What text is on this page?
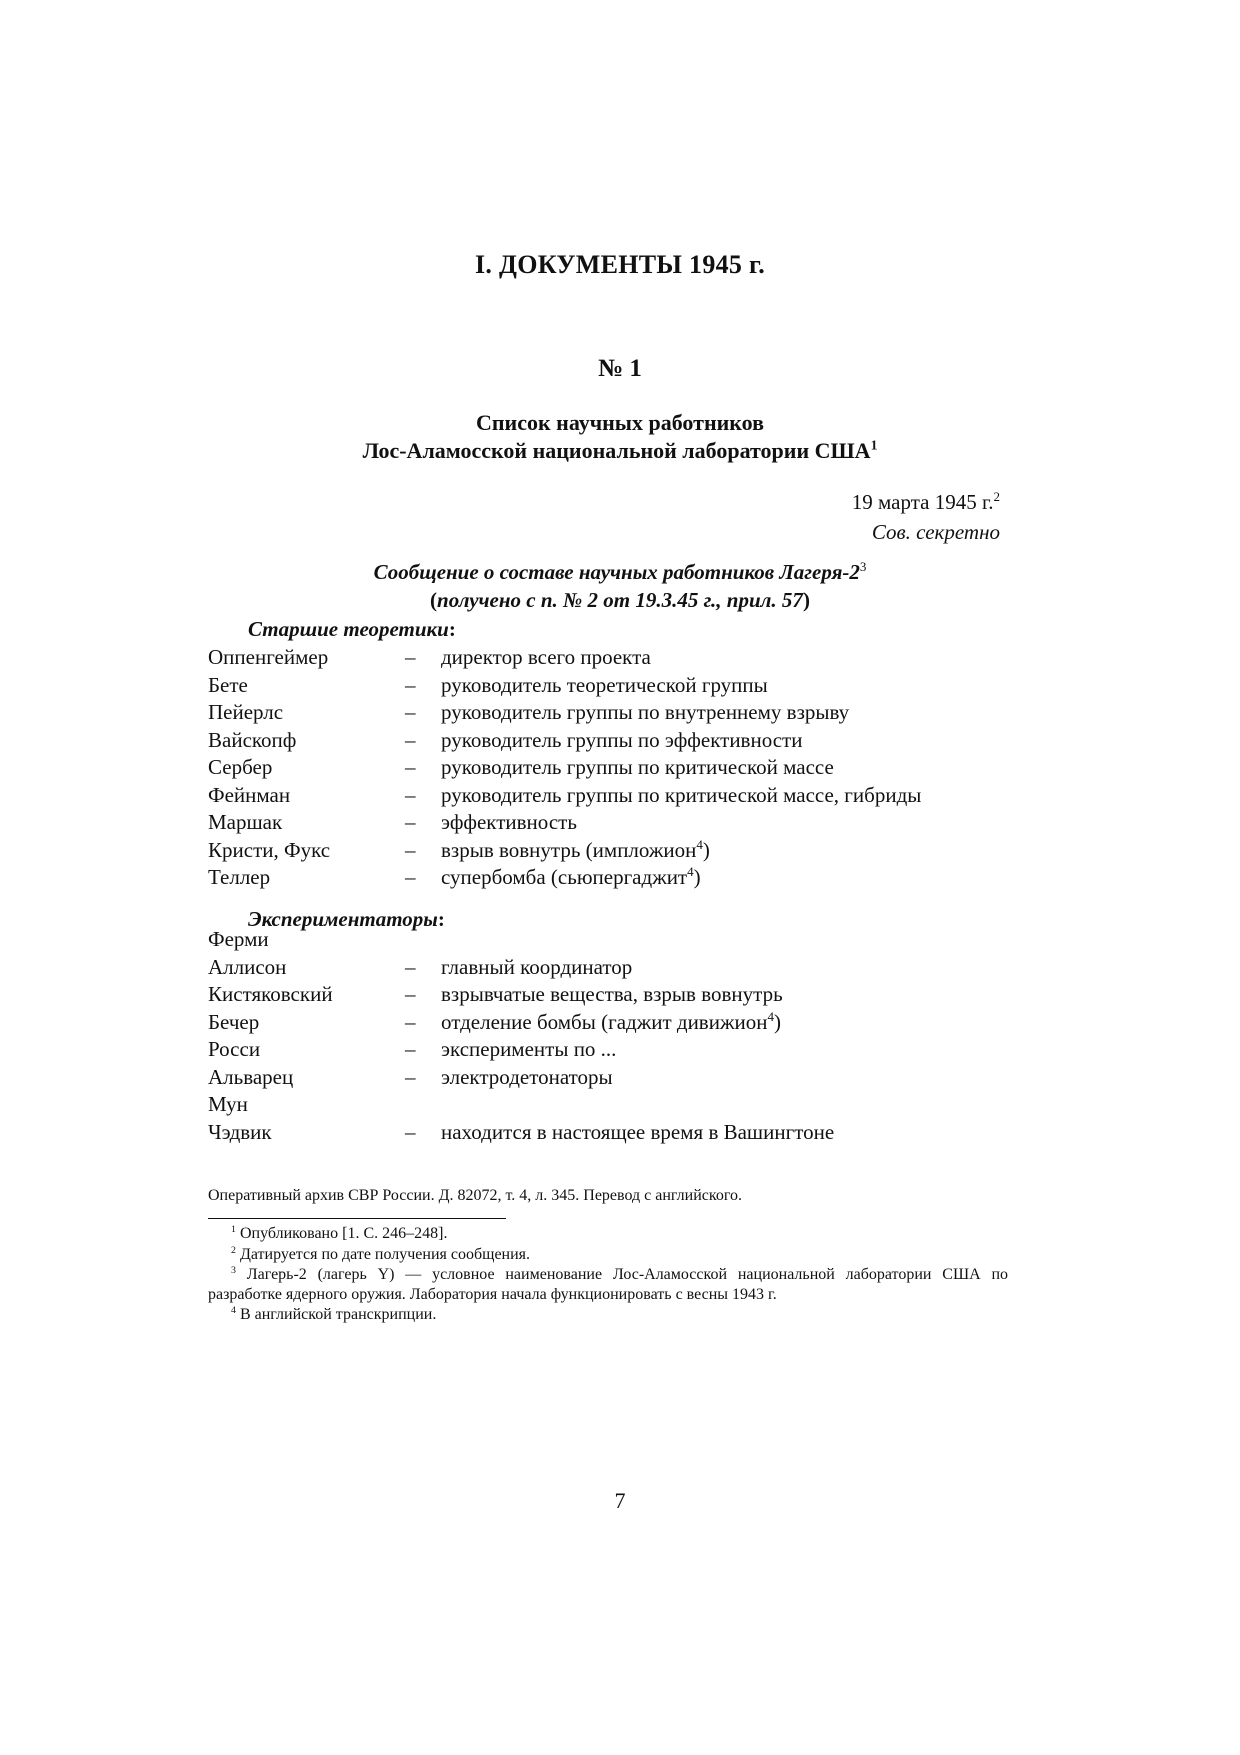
I. ДОКУМЕНТЫ 1945 г.
№ 1
Список научных работников
Лос-Аламосской национальной лаборатории США$^1$
19 марта 1945 г.$^2$
Сов. секретно
Сообщение о составе научных работников Лагеря-$2^3$
(получено с п. № 2 от 19.3.45 г., прил. 57)
Старшие теоретики:
Оппенгеймер	– директор всего проекта
Бете	– руководитель теоретической группы
Пейерлс	– руководитель группы по внутреннему взрыву
Вайскопф	– руководитель группы по эффективности
Сербер	– руководитель группы по критической массе
Фейнман	– руководитель группы по критической массе, гибриды
Маршак	– эффективность
Кристи, Фукс	– взрыв вовнутрь (импложион$^4$)
Теллер	– супербомба (сьюпергаджит$^4$)
Экспериментаторы:
Ферми
Аллисон	– главный координатор
Кистяковский	– взрывчатые вещества, взрыв вовнутрь
Бечер	– отделение бомбы (гаджит дивижион$^4$)
Росси	– эксперименты по ...
Альварец	– электродетонаторы
Мун
Чэдвик	– находится в настоящее время в Вашингтоне
Оперативный архив СВР России. Д. 82072, т. 4, л. 345. Перевод с английского.
$^1$ Опубликовано [1. С. 246–248].
$^2$ Датируется по дате получения сообщения.
$^3$ Лагерь-2 (лагерь Y) — условное наименование Лос-Аламосской национальной лаборатории США по разработке ядерного оружия. Лаборатория начала функционировать с весны 1943 г.
$^4$ В английской транскрипции.
7
